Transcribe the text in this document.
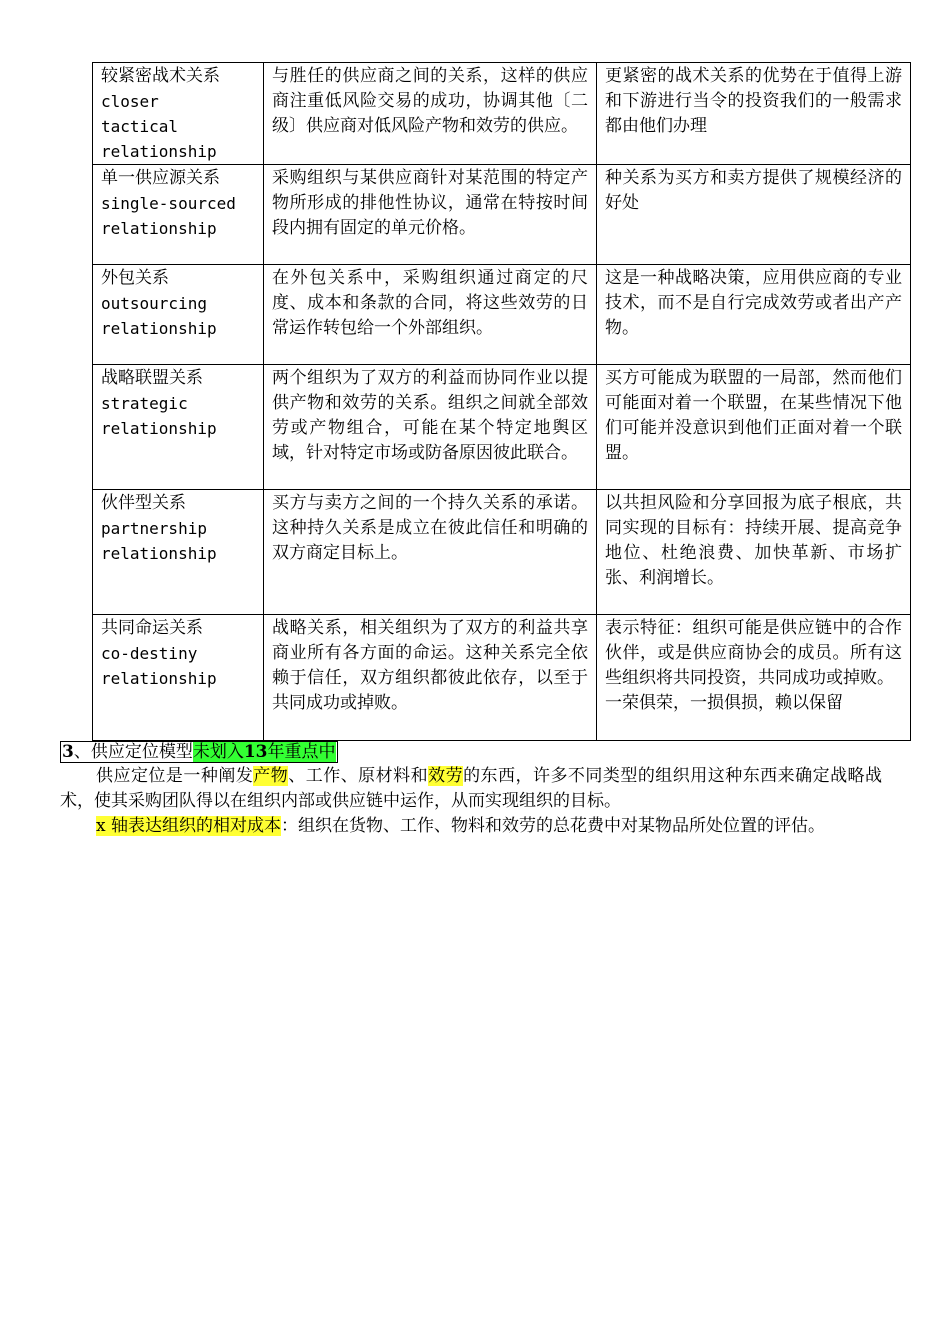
较紧密战术关系
closer
tactical
relationship	与胜任的供应商之间的关系，这样的供应商注重低风险交易的成功，协调其他〔二级〕供应商对低风险产物和效劳的供应。	更紧密的战术关系的优势在于值得上游和下游进行当令的投资我们的一般需求都由他们办理

单一供应源关系
single-sourced
relationship	采购组织与某供应商针对某范围的特定产物所形成的排他性协议，通常在特按时间段内拥有固定的单元价格。	种关系为买方和卖方提供了规模经济的好处

外包关系
outsourcing
relationship	在外包关系中，采购组织通过商定的尺度、成本和条款的合同，将这些效劳的日常运作转包给一个外部组织。	这是一种战略决策，应用供应商的专业技术，而不是自行完成效劳或者出产产物。

战略联盟关系
strategic
relationship	两个组织为了双方的利益而协同作业以提供产物和效劳的关系。组织之间就全部效劳或产物组合，可能在某个特定地舆区域，针对特定市场或防备原因彼此联合。	买方可能成为联盟的一局部，然而他们可能面对着一个联盟，在某些情况下他们可能并没意识到他们正面对着一个联盟。

伙伴型关系
partnership
relationship	买方与卖方之间的一个持久关系的承诺。这种持久关系是成立在彼此信任和明确的双方商定目标上。	以共担风险和分享回报为底子根底，共同实现的目标有：持续开展、提高竞争地位、杜绝浪费、加快革新、市场扩张、利润增长。

共同命运关系
co-destiny
relationship	战略关系，相关组织为了双方的利益共享商业所有各方面的命运。这种关系完全依赖于信任，双方组织都彼此依存，以至于共同成功或掉败。	表示特征：组织可能是供应链中的合作伙伴，或是供应商协会的成员。所有这些组织将共同投资，共同成功或掉败。
一荣俱荣，一损俱损，赖以保留
3、供应定位模型未划入13年重点中
供应定位是一种阐发产物、工作、原材料和效劳的东西，许多不同类型的组织用这种东西来确定战略战术，使其采购团队得以在组织内部或供应链中运作，从而实现组织的目标。
x 轴表达组织的相对成本：组织在货物、工作、物料和效劳的总花费中对某物品所处位置的评估。
